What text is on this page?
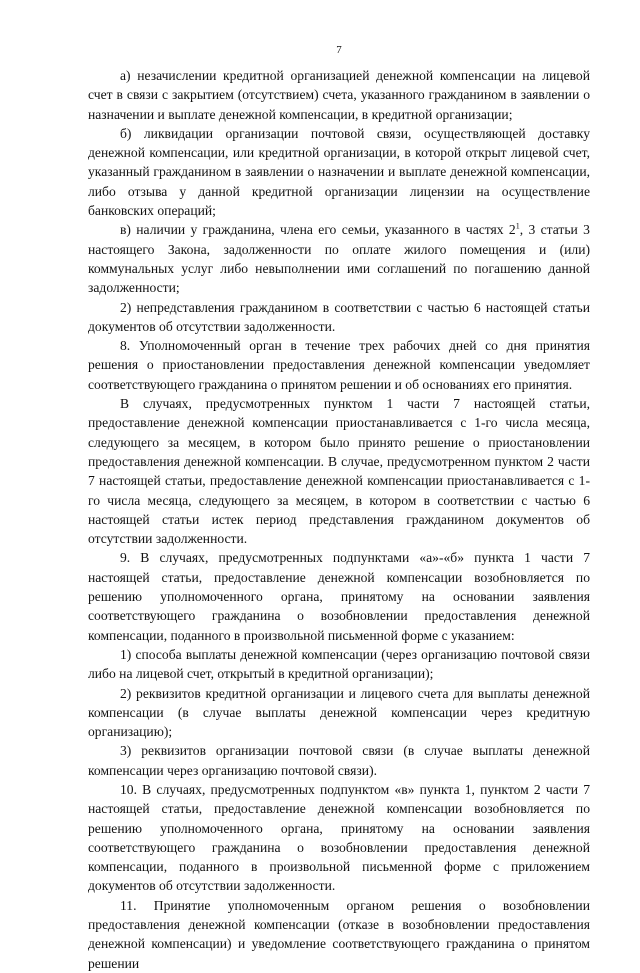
7

а) незачислении кредитной организацией денежной компенсации на лицевой счет в связи с закрытием (отсутствием) счета, указанного гражданином в заявлении о назначении и выплате денежной компенсации, в кредитной организации;

б) ликвидации организации почтовой связи, осуществляющей доставку денежной компенсации, или кредитной организации, в которой открыт лицевой счет, указанный гражданином в заявлении о назначении и выплате денежной компенсации, либо отзыва у данной кредитной организации лицензии на осуществление банковских операций;

в) наличии у гражданина, члена его семьи, указанного в частях $2^1$, 3 статьи 3 настоящего Закона, задолженности по оплате жилого помещения и (или) коммунальных услуг либо невыполнении ими соглашений по погашению данной задолженности;

2) непредставления гражданином в соответствии с частью 6 настоящей статьи документов об отсутствии задолженности.

8. Уполномоченный орган в течение трех рабочих дней со дня принятия решения о приостановлении предоставления денежной компенсации уведомляет соответствующего гражданина о принятом решении и об основаниях его принятия.

В случаях, предусмотренных пунктом 1 части 7 настоящей статьи, предоставление денежной компенсации приостанавливается с 1-го числа месяца, следующего за месяцем, в котором было принято решение о приостановлении предоставления денежной компенсации. В случае, предусмотренном пунктом 2 части 7 настоящей статьи, предоставление денежной компенсации приостанавливается с 1-го числа месяца, следующего за месяцем, в котором в соответствии с частью 6 настоящей статьи истек период представления гражданином документов об отсутствии задолженности.

9. В случаях, предусмотренных подпунктами «а»-«б» пункта 1 части 7 настоящей статьи, предоставление денежной компенсации возобновляется по решению уполномоченного органа, принятому на основании заявления соответствующего гражданина о возобновлении предоставления денежной компенсации, поданного в произвольной письменной форме с указанием:

1) способа выплаты денежной компенсации (через организацию почтовой связи либо на лицевой счет, открытый в кредитной организации);

2) реквизитов кредитной организации и лицевого счета для выплаты денежной компенсации (в случае выплаты денежной компенсации через кредитную организацию);

3) реквизитов организации почтовой связи (в случае выплаты денежной компенсации через организацию почтовой связи).

10. В случаях, предусмотренных подпунктом «в» пункта 1, пунктом 2 части 7 настоящей статьи, предоставление денежной компенсации возобновляется по решению уполномоченного органа, принятому на основании заявления соответствующего гражданина о возобновлении предоставления денежной компенсации, поданного в произвольной письменной форме с приложением документов об отсутствии задолженности.

11. Принятие уполномоченным органом решения о возобновлении предоставления денежной компенсации (отказе в возобновлении предоставления денежной компенсации) и уведомление соответствующего гражданина о принятом решении
